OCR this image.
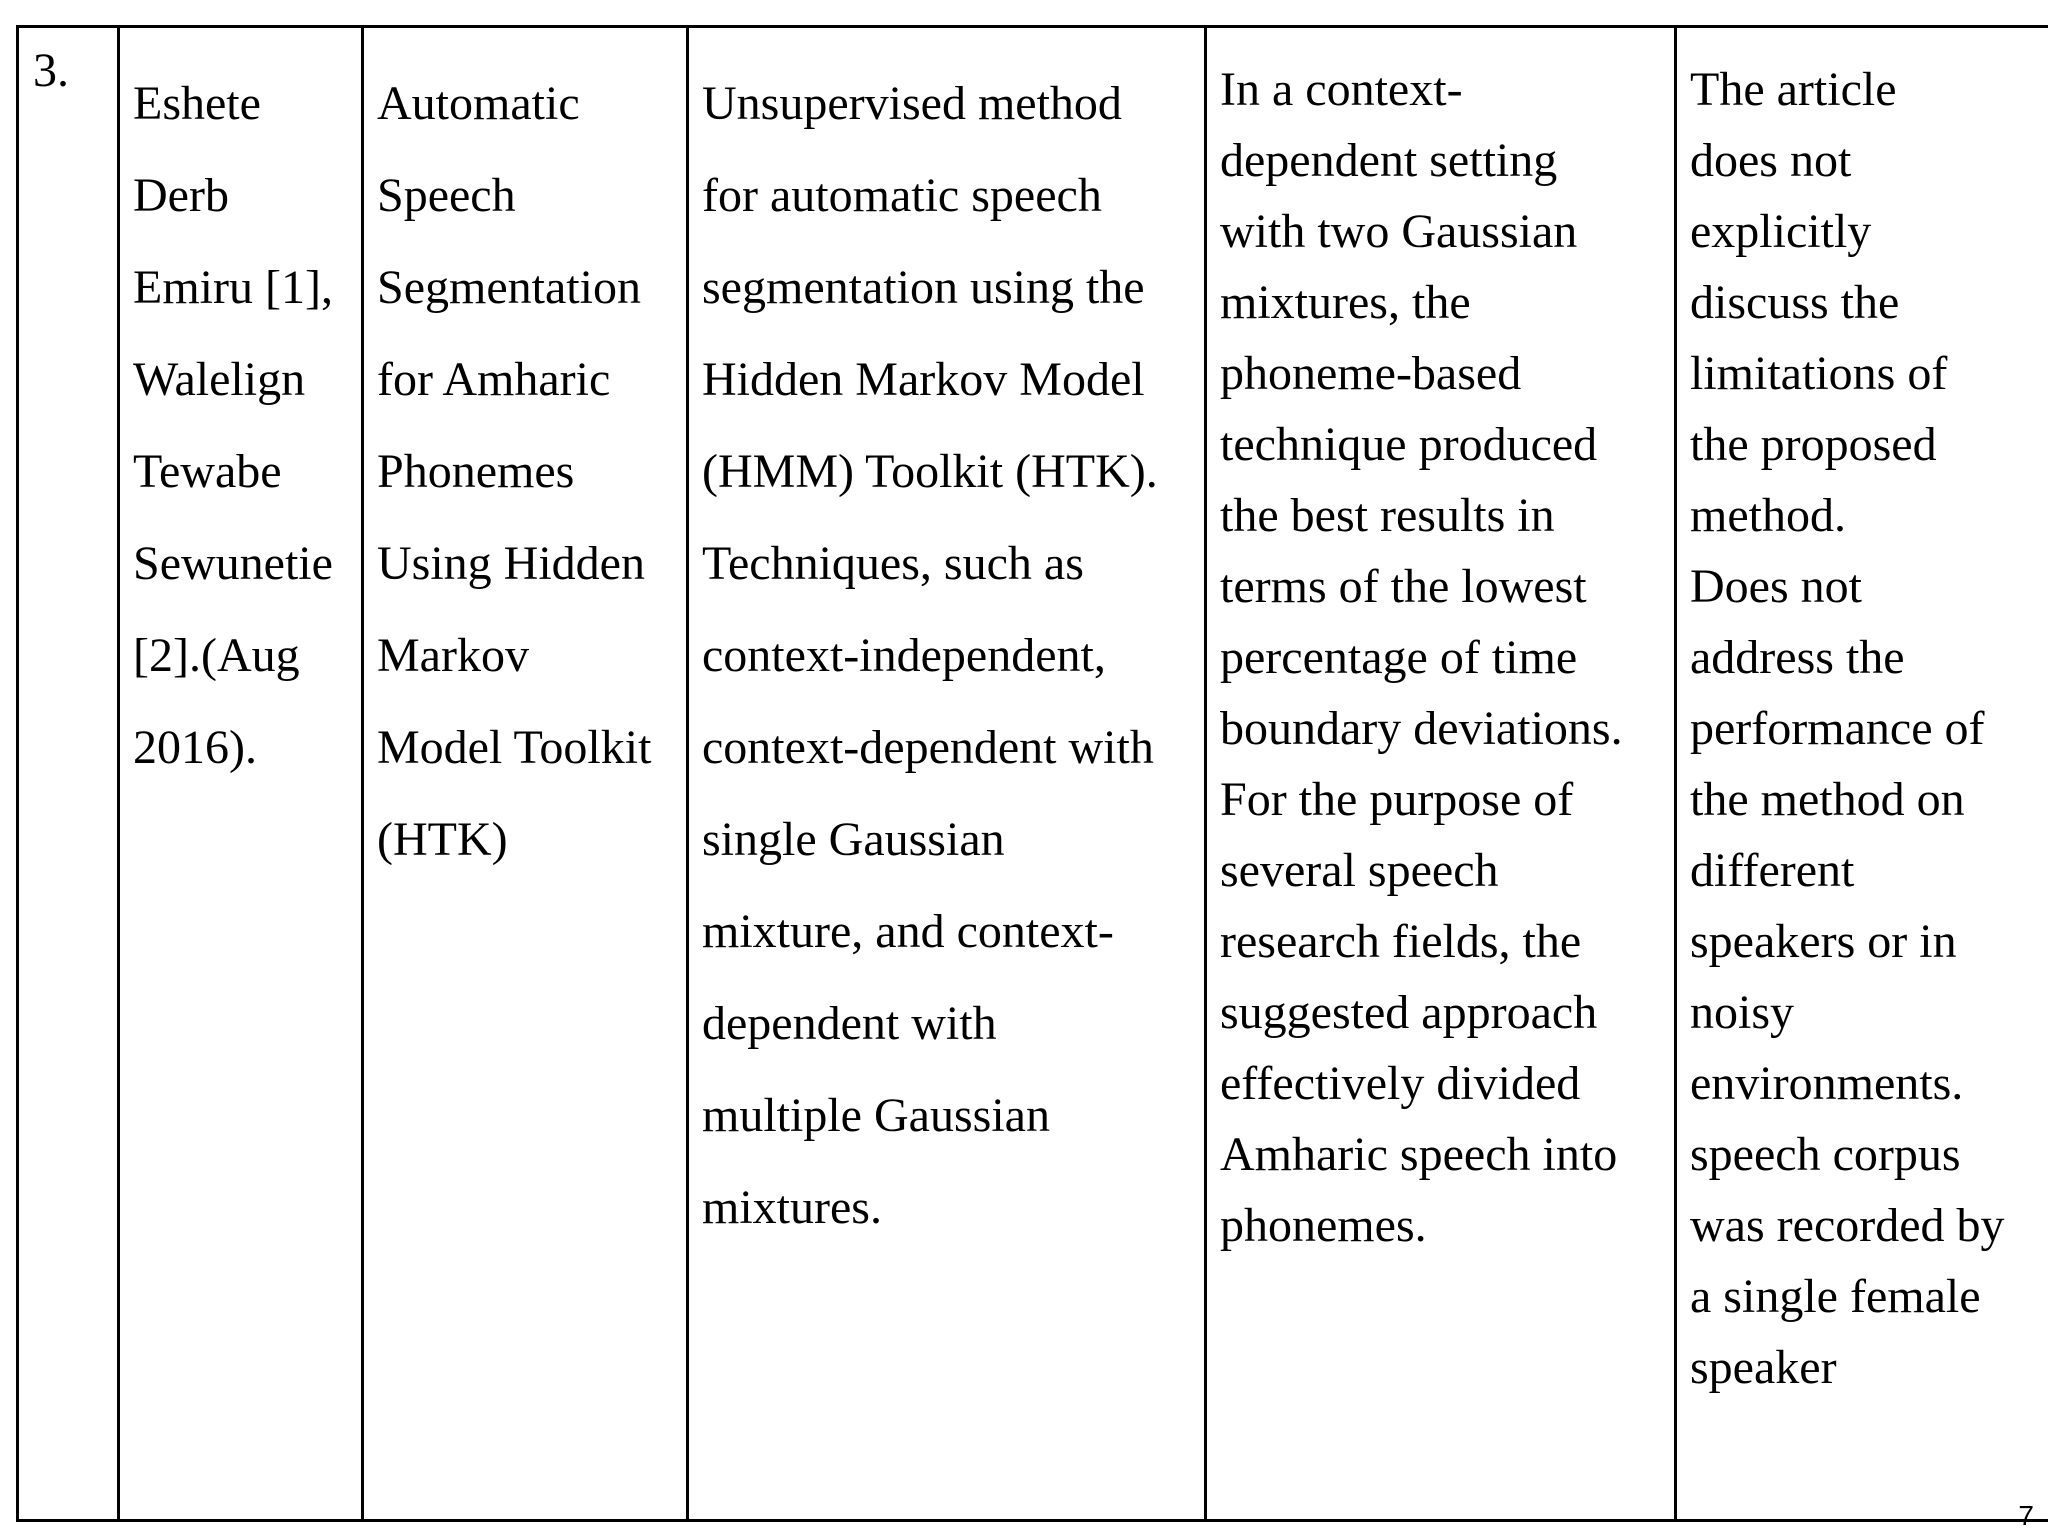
3.

Eshete
Derb
Emiru [1],
Walelign
Tewabe
Sewunetie
[2].(Aug
2016).

Automatic
Speech
Segmentation
for Amharic
Phonemes
Using Hidden
Markov
Model Toolkit
(HTK)

Unsupervised method
for automatic speech
segmentation using the
Hidden Markov Model
(HMM) Toolkit (HTK).
Techniques, such as
context-independent,
context-dependent with
single Gaussian
mixture, and context-
dependent with
multiple Gaussian
mixtures.

In a context-
dependent setting
with two Gaussian
mixtures, the
phoneme-based
technique produced
the best results in
terms of the lowest
percentage of time
boundary deviations.
For the purpose of
several speech
research fields, the
suggested approach
effectively divided
Amharic speech into
phonemes.

The article
does not
explicitly
discuss the
limitations of
the proposed
method.
Does not
address the
performance of
the method on
different
speakers or in
noisy
environments.
speech corpus
was recorded by
a single female
speaker

7
